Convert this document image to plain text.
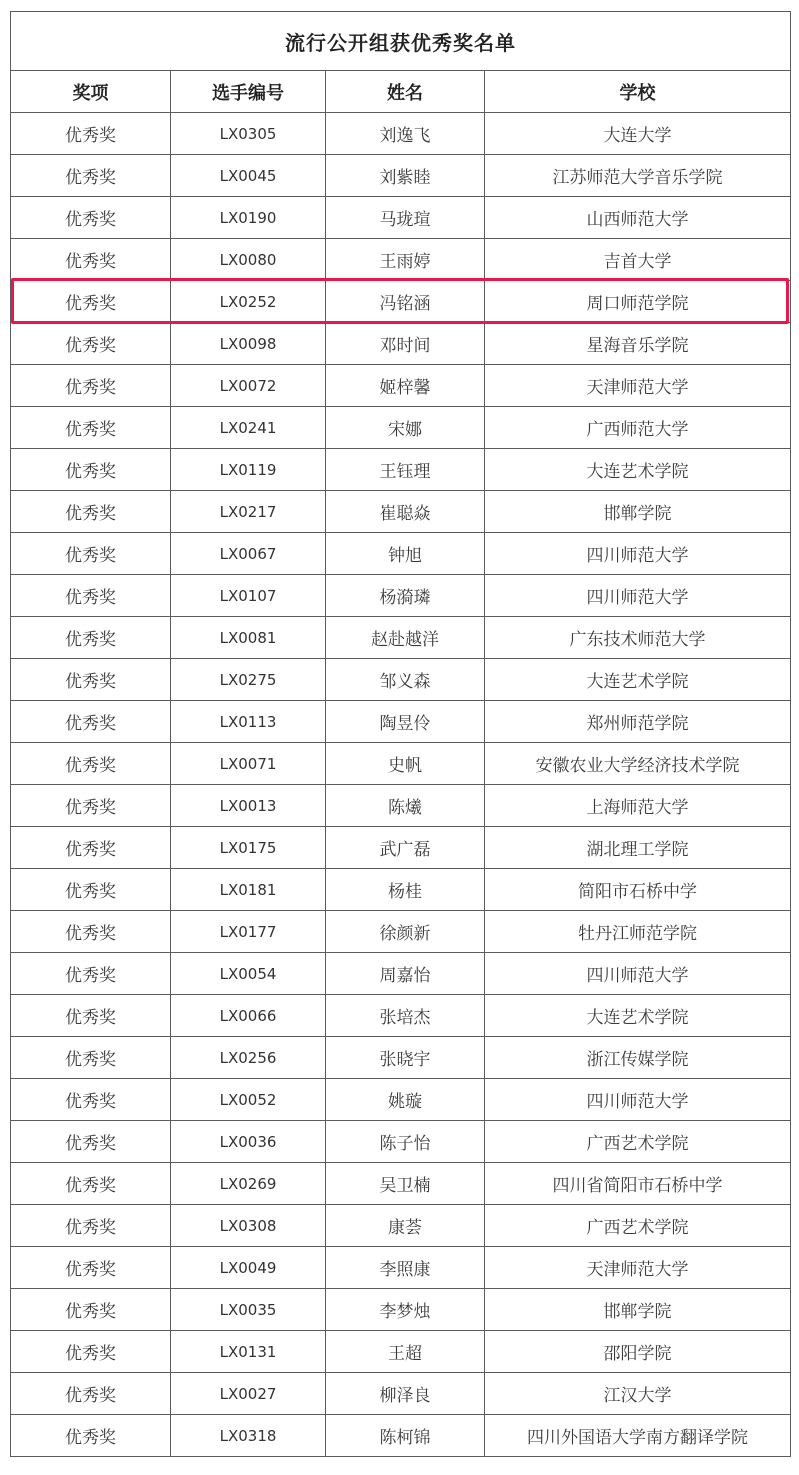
流行公开组获优秀奖名单			
奖项	选手编号	姓名	学校
优秀奖	LX0305	刘逸飞	大连大学
优秀奖	LX0045	刘紫睦	江苏师范大学音乐学院
优秀奖	LX0190	马珑瑄	山西师范大学
优秀奖	LX0080	王雨婷	吉首大学
优秀奖	LX0252	冯铭涵	周口师范学院
优秀奖	LX0098	邓时间	星海音乐学院
优秀奖	LX0072	姬梓馨	天津师范大学
优秀奖	LX0241	宋娜	广西师范大学
优秀奖	LX0119	王钰理	大连艺术学院
优秀奖	LX0217	崔聪焱	邯郸学院
优秀奖	LX0067	钟旭	四川师范大学
优秀奖	LX0107	杨漪璘	四川师范大学
优秀奖	LX0081	赵赴越洋	广东技术师范大学
优秀奖	LX0275	邹义森	大连艺术学院
优秀奖	LX0113	陶昱伶	郑州师范学院
优秀奖	LX0071	史帆	安徽农业大学经济技术学院
优秀奖	LX0013	陈爔	上海师范大学
优秀奖	LX0175	武广磊	湖北理工学院
优秀奖	LX0181	杨桂	简阳市石桥中学
优秀奖	LX0177	徐颜新	牡丹江师范学院
优秀奖	LX0054	周嘉怡	四川师范大学
优秀奖	LX0066	张培杰	大连艺术学院
优秀奖	LX0256	张晓宇	浙江传媒学院
优秀奖	LX0052	姚璇	四川师范大学
优秀奖	LX0036	陈子怡	广西艺术学院
优秀奖	LX0269	吴卫楠	四川省简阳市石桥中学
优秀奖	LX0308	康荟	广西艺术学院
优秀奖	LX0049	李照康	天津师范大学
优秀奖	LX0035	李梦烛	邯郸学院
优秀奖	LX0131	王超	邵阳学院
优秀奖	LX0027	柳泽良	江汉大学
优秀奖	LX0318	陈柯锦	四川外国语大学南方翻译学院
